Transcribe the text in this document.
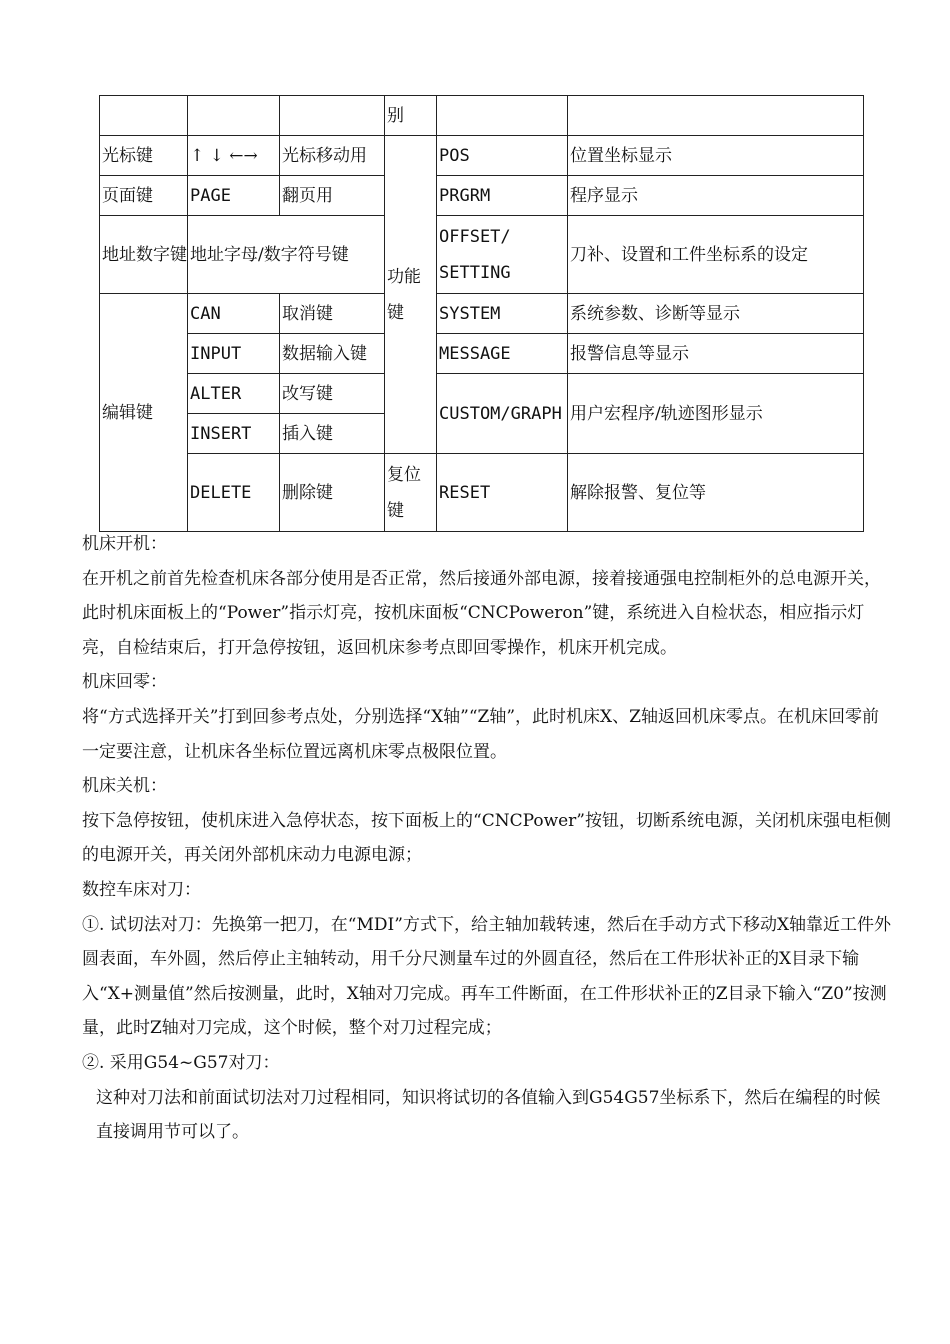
			别		
光标键	↑ ↓ ←→	光标移动用	功能键	POS	位置坐标显示
页面键	PAGE	翻页用		PRGRM	程序显示
地址数字键	地址字母/数字符号键			OFFSET/ SETTING	刀补、设置和工件坐标系的设定
编辑键	CAN	取消键		SYSTEM	系统参数、诊断等显示
	INPUT	数据输入键		MESSAGE	报警信息等显示
	ALTER	改写键		CUSTOM/GRAPH	用户宏程序/轨迹图形显示
	INSERT	插入键			
	DELETE	删除键	复位键	RESET	解除报警、复位等

机床开机：

在开机之前首先检查机床各部分使用是否正常，然后接通外部电源，接着接通强电控制柜外的总电源开关，此时机床面板上的“Power”指示灯亮，按机床面板“CNCPoweron”键，系统进入自检状态，相应指示灯亮，自检结束后，打开急停按钮，返回机床参考点即回零操作，机床开机完成。

机床回零：

将“方式选择开关”打到回参考点处，分别选择“X轴”“Z轴”，此时机床X、Z轴返回机床零点。在机床回零前一定要注意，让机床各坐标位置远离机床零点极限位置。

机床关机：

按下急停按钮，使机床进入急停状态，按下面板上的“CNCPower”按钮，切断系统电源，关闭机床强电柜侧的电源开关，再关闭外部机床动力电源电源；

数控车床对刀：

①. 试切法对刀：先换第一把刀，在“MDI”方式下，给主轴加载转速，然后在手动方式下移动X轴靠近工件外圆表面，车外圆，然后停止主轴转动，用千分尺测量车过的外圆直径，然后在工件形状补正的X目录下输入“X+测量值”然后按测量，此时，X轴对刀完成。再车工件断面，在工件形状补正的Z目录下输入“Z0”按测量，此时Z轴对刀完成，这个时候，整个对刀过程完成；

②. 采用G54~G57对刀：

这种对刀法和前面试切法对刀过程相同，知识将试切的各值输入到G54G57坐标系下，然后在编程的时候直接调用节可以了。
